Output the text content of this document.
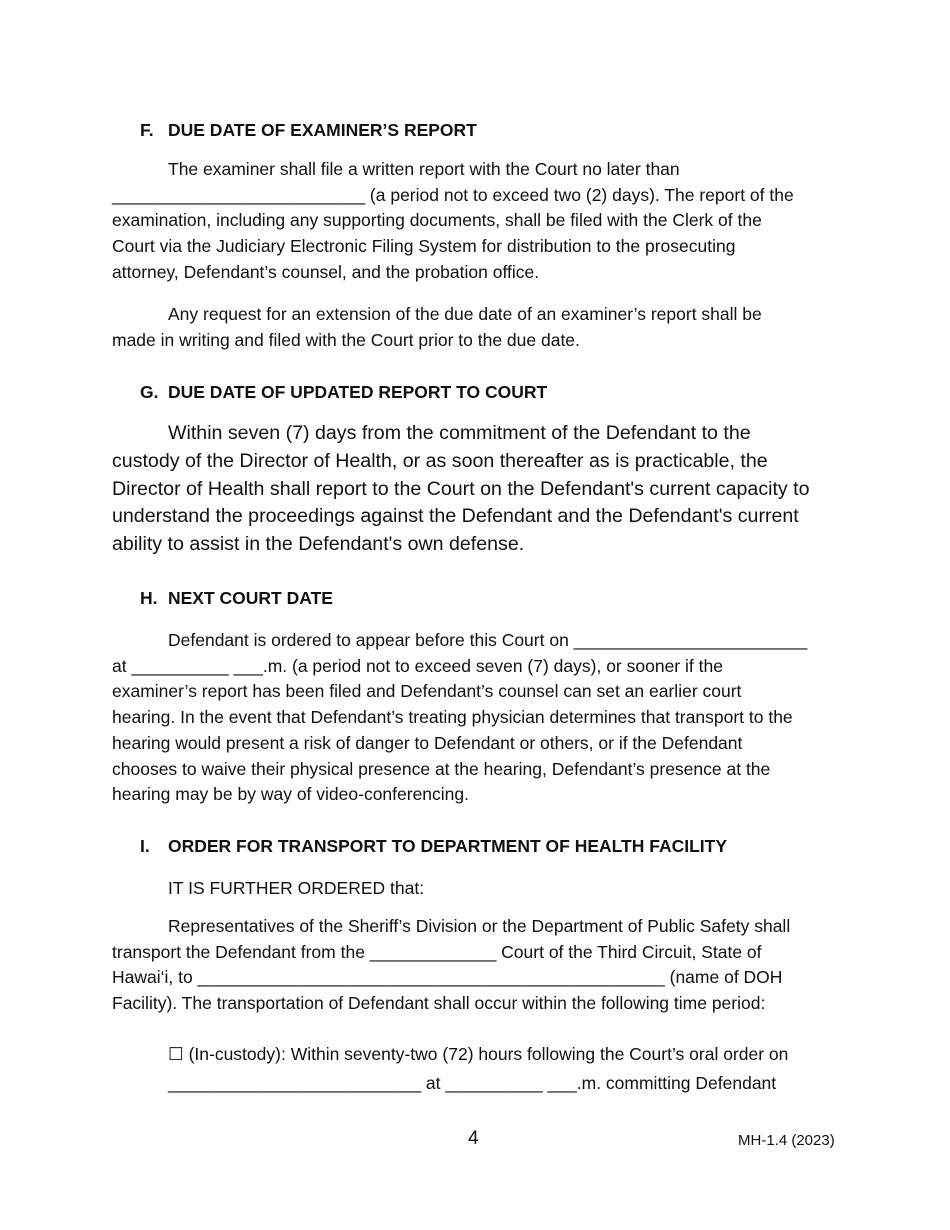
F. DUE DATE OF EXAMINER’S REPORT
The examiner shall file a written report with the Court no later than
__________________________ (a period not to exceed two (2) days). The report of the
examination, including any supporting documents, shall be filed with the Clerk of the
Court via the Judiciary Electronic Filing System for distribution to the prosecuting
attorney, Defendant’s counsel, and the probation office.
Any request for an extension of the due date of an examiner’s report shall be
made in writing and filed with the Court prior to the due date.
G. DUE DATE OF UPDATED REPORT TO COURT
Within seven (7) days from the commitment of the Defendant to the
custody of the Director of Health, or as soon thereafter as is practicable, the
Director of Health shall report to the Court on the Defendant's current capacity to
understand the proceedings against the Defendant and the Defendant's current
ability to assist in the Defendant's own defense.
H. NEXT COURT DATE
Defendant is ordered to appear before this Court on ________________________
at __________ ___.m. (a period not to exceed seven (7) days), or sooner if the
examiner’s report has been filed and Defendant’s counsel can set an earlier court
hearing. In the event that Defendant’s treating physician determines that transport to the
hearing would present a risk of danger to Defendant or others, or if the Defendant
chooses to waive their physical presence at the hearing, Defendant’s presence at the
hearing may be by way of video-conferencing.
I. ORDER FOR TRANSPORT TO DEPARTMENT OF HEALTH FACILITY
IT IS FURTHER ORDERED that:
Representatives of the Sheriff’s Division or the Department of Public Safety shall
transport the Defendant from the _____________ Court of the Third Circuit, State of
Hawai‘i, to ________________________________________________ (name of DOH
Facility). The transportation of Defendant shall occur within the following time period:
☐ (In-custody): Within seventy-two (72) hours following the Court’s oral order on
__________________________ at __________ ___.m. committing Defendant
4	MH-1.4 (2023)
